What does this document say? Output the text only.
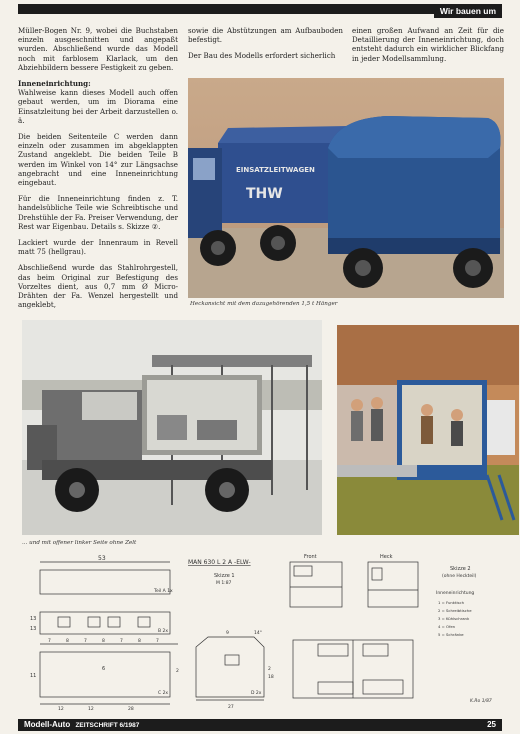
Wir bauen um

Müller-Bogen Nr. 9, wobei die Buchstaben einzeln ausgeschnitten und angepaßt wurden. Abschließend wurde das Modell noch mit farblosem Klarlack, um den Abziehbildern bessere Festigkeit zu geben.

Inneneinrichtung:

Wahlweise kann dieses Modell auch offen gebaut werden, um im Diorama eine Einsatzleitung bei der Arbeit darzustellen o. ä.

Die beiden Seitenteile C werden dann einzeln oder zusammen im abgeklappten Zustand angeklebt. Die beiden Teile B werden im Winkel von 14° zur Längsachse angebracht und eine Inneneinrichtung eingebaut.

Für die Inneneinrichtung finden z. T. handelsübliche Teile wie Schreibtische und Drehstühle der Fa. Preiser Verwendung, der Rest war Eigenbau. Details s. Skizze ②.

Lackiert wurde der Innenraum in Revell matt 75 (hellgrau).

Abschließend wurde das Stahlrohrgestell, das beim Original zur Befestigung des Vorzeltes dient, aus 0,7 mm Ø Micro-Drähten der Fa. Wenzel hergestellt und angeklebt,

sowie die Abstützungen am Aufbauboden befestigt.

Der Bau des Modells erfordert sicherlich

einen großen Aufwand an Zeit für die Detaillierung der Inneneinrichtung, doch entsteht dadurch ein wirklicher Blickfang in jeder Modellsammlung.

EINSATZLEITWAGEN
THW
Heckansicht mit dem dazugehörenden 1,5 t Hänger
... und mit offener linker Seite ohne Zelt
53
Teil A 1x
MAN 630 L 2 A -ELW-
Skizze 1
M 1:87
13
13	B 2x
7	8	7	8	7	8	7
11
6
12	12	28
2
C 2x
9	14°
2
18
D 2x
27
Front	Heck
Skizze 2
(ohne Heckteil)
Inneneinrichtung
1 = Funktisch
2 = Schreibtische
3 = Kühlschrank
4 = Ofen
5 = Schränke
K.Ro 1/87
Modell-Auto ZEITSCHRIFT 6/1987	25
